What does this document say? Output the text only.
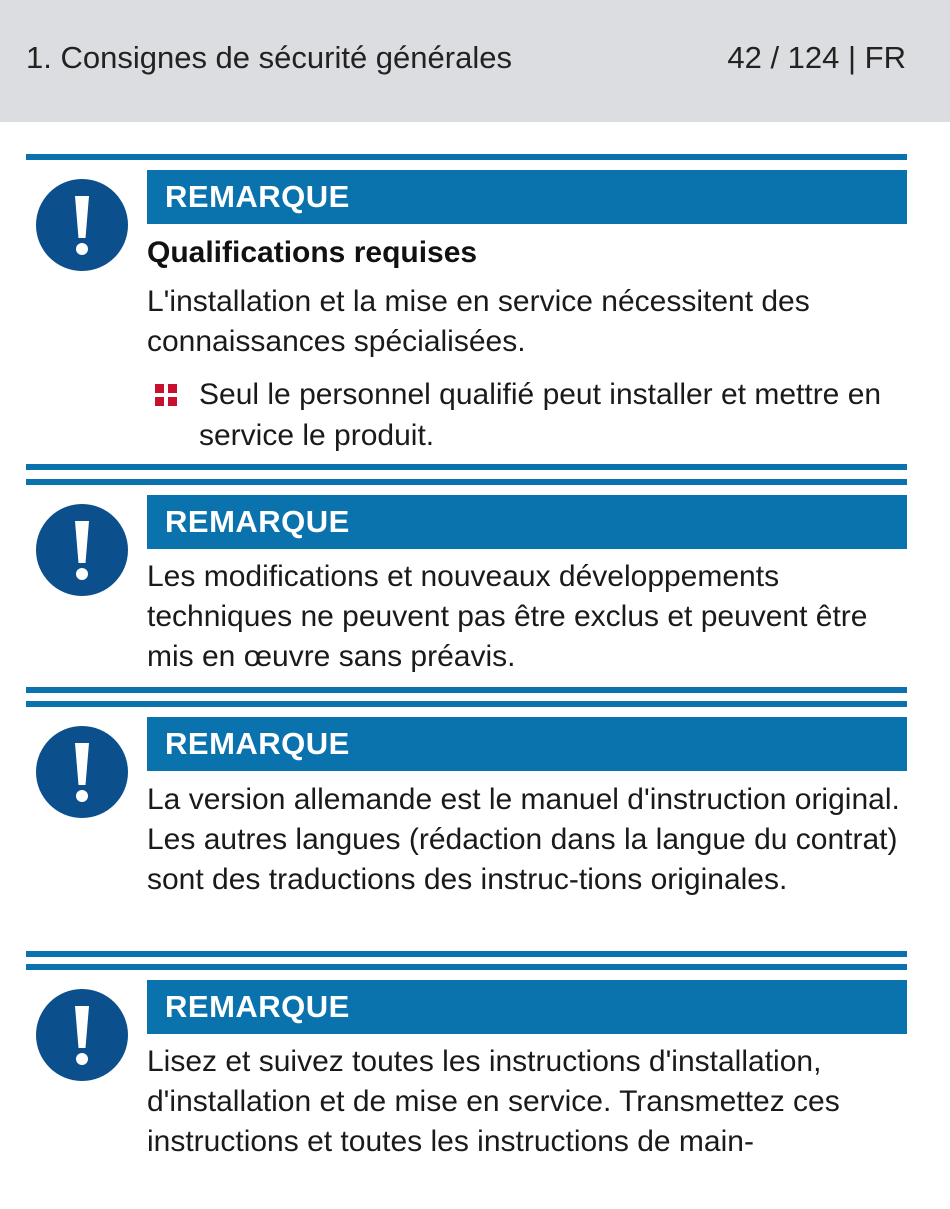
1. Consignes de sécurité générales	42 / 124 | FR
REMARQUE
Qualifications requises
L'installation et la mise en service nécessitent des connaissances spécialisées.
Seul le personnel qualifié peut installer et mettre en service le produit.
REMARQUE
Les modifications et nouveaux développements techniques ne peuvent pas être exclus et peuvent être mis en œuvre sans préavis.
REMARQUE
La version allemande est le manuel d'instruction original. Les autres langues (rédaction dans la langue du contrat) sont des traductions des instruc-tions originales.
REMARQUE
Lisez et suivez toutes les instructions d'installation, d'installation et de mise en service. Transmettez ces instructions et toutes les instructions de main-
